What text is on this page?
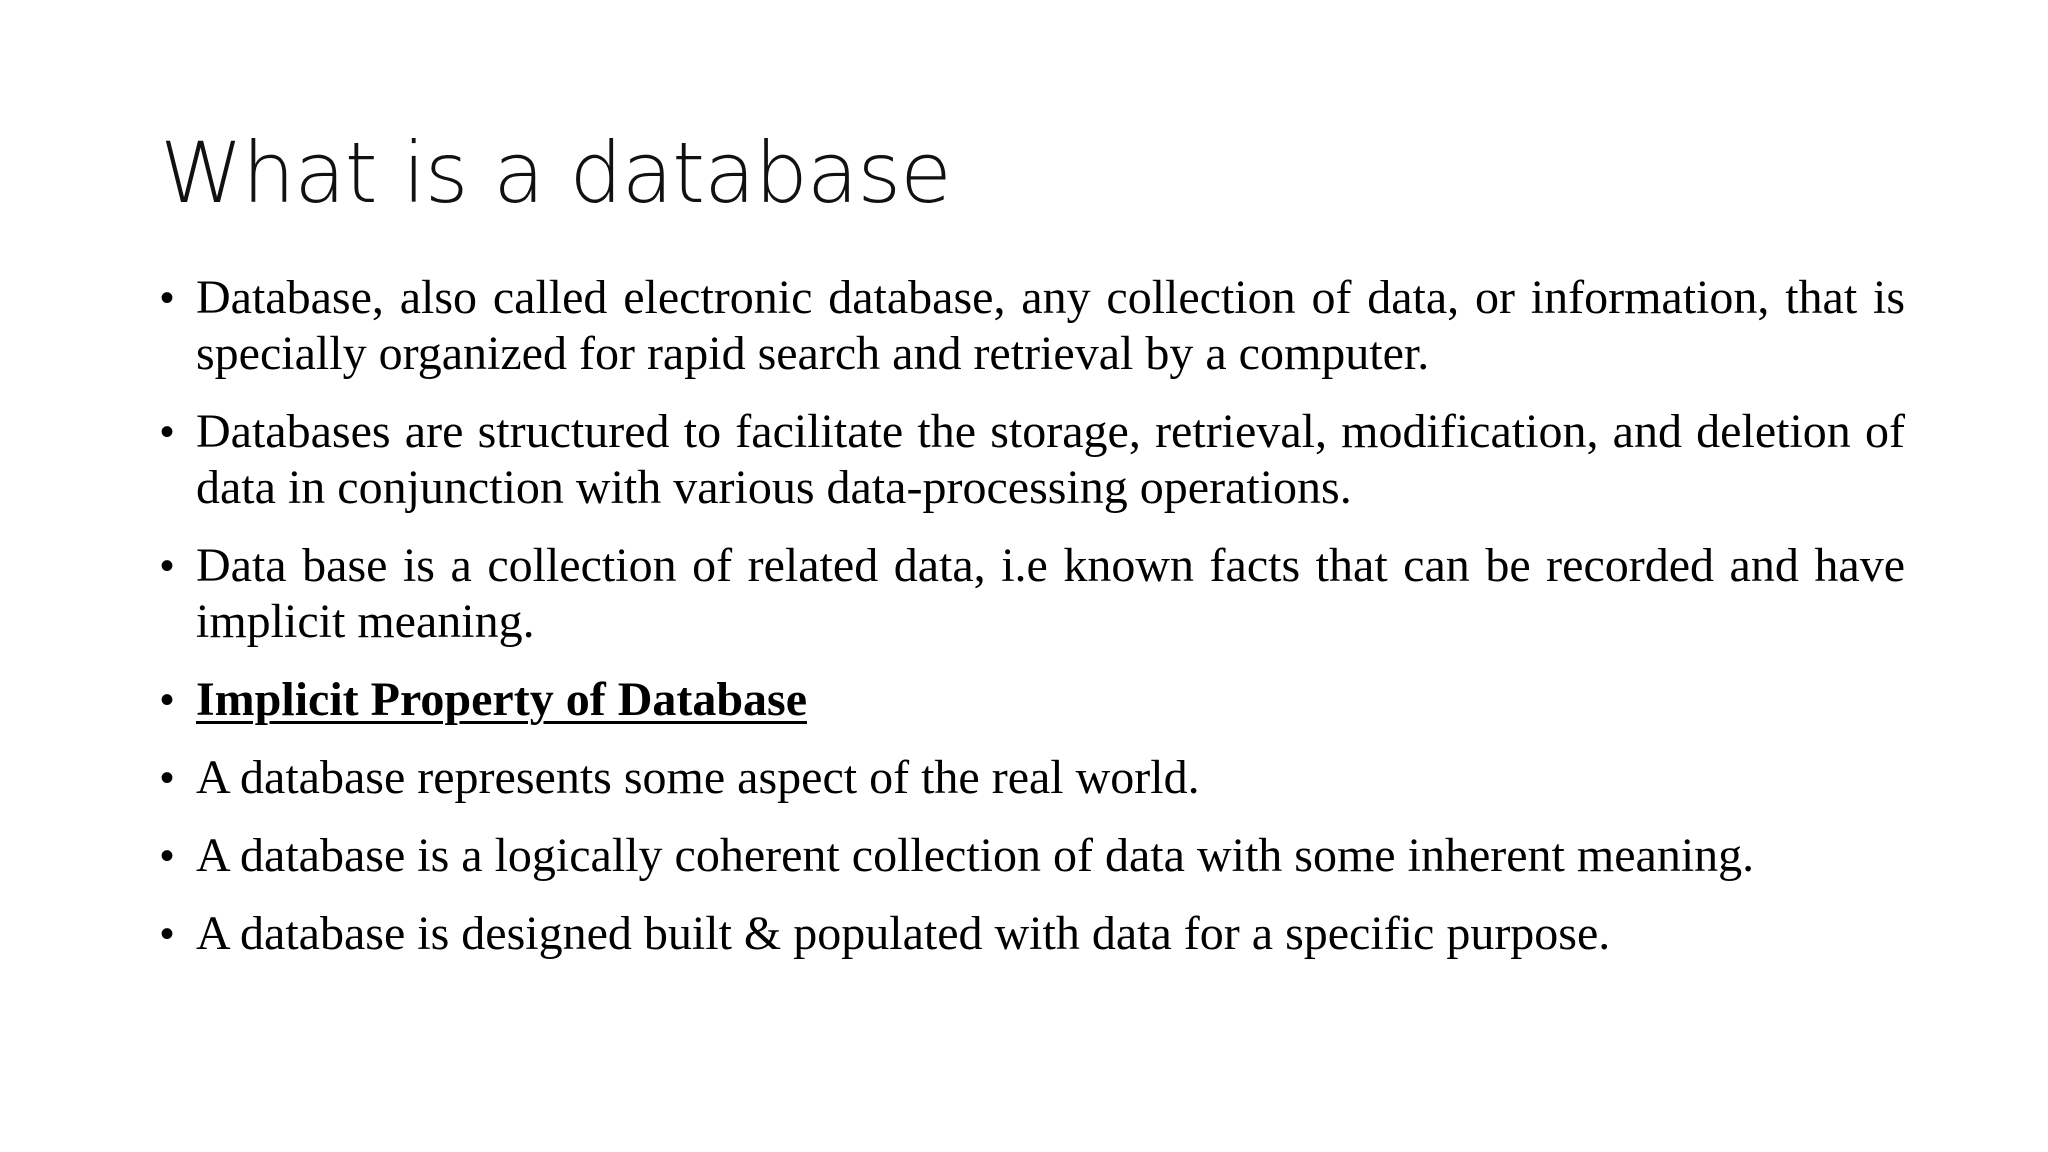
What is a database
• Database, also called electronic database, any collection of data, or information, that is specially organized for rapid search and retrieval by a computer.
• Databases are structured to facilitate the storage, retrieval, modification, and deletion of data in conjunction with various data-processing operations.
• Data base is a collection of related data, i.e known facts that can be recorded and have implicit meaning.
• Implicit Property of Database
• A database represents some aspect of the real world.
• A database is a logically coherent collection of data with some inherent meaning.
• A database is designed built & populated with data for a specific purpose.
